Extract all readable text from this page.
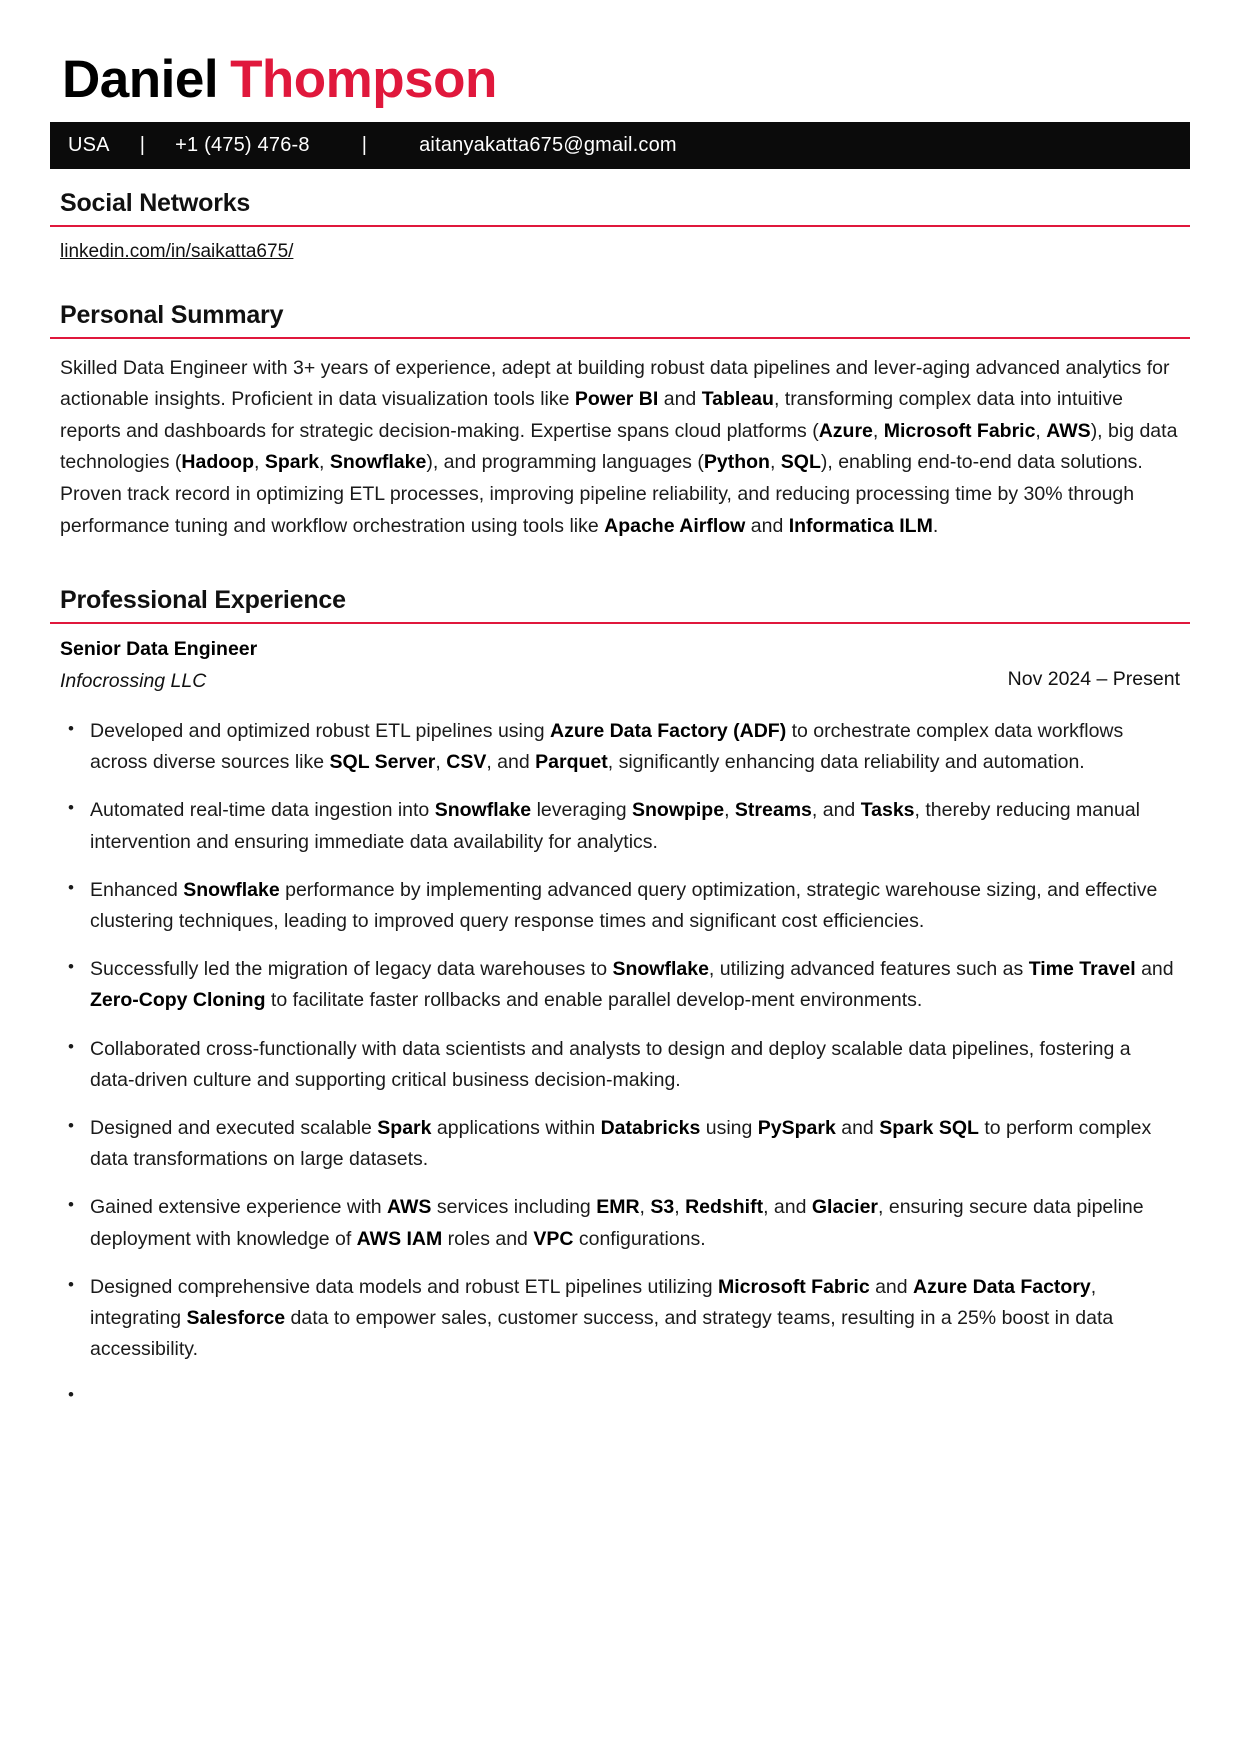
Daniel Thompson
USA | +1 (475) 476-8	|	aitanyakatta675@gmail.com
Social Networks
linkedin.com/in/saikatta675/
Personal Summary

Skilled Data Engineer with 3+ years of experience, adept at building robust data pipelines and lever-aging advanced analytics for actionable insights. Proficient in data visualization tools like Power BI and Tableau, transforming complex data into intuitive reports and dashboards for strategic decision-making. Expertise spans cloud platforms (Azure, Microsoft Fabric, AWS), big data technologies (Hadoop, Spark, Snowflake), and programming languages (Python, SQL), enabling end-to-end data solutions. Proven track record in optimizing ETL processes, improving pipeline reliability, and reducing processing time by 30% through performance tuning and workflow orchestration using tools like Apache Airflow and Informatica ILM.

Professional Experience
Senior Data Engineer
Infocrossing LLC	Nov 2024 – Present
• Developed and optimized robust ETL pipelines using Azure Data Factory (ADF) to orchestrate complex data workflows across diverse sources like SQL Server, CSV, and Parquet, significantly enhancing data reliability and automation.
• Automated real-time data ingestion into Snowflake leveraging Snowpipe, Streams, and Tasks, thereby reducing manual intervention and ensuring immediate data availability for analytics.
• Enhanced Snowflake performance by implementing advanced query optimization, strategic warehouse sizing, and effective clustering techniques, leading to improved query response times and significant cost efficiencies.
• Successfully led the migration of legacy data warehouses to Snowflake, utilizing advanced features such as Time Travel and Zero-Copy Cloning to facilitate faster rollbacks and enable parallel develop-ment environments.
• Collaborated cross-functionally with data scientists and analysts to design and deploy scalable data pipelines, fostering a data-driven culture and supporting critical business decision-making.
• Designed and executed scalable Spark applications within Databricks using PySpark and Spark SQL to perform complex data transformations on large datasets.
• Gained extensive experience with AWS services including EMR, S3, Redshift, and Glacier, ensuring secure data pipeline deployment with knowledge of AWS IAM roles and VPC configurations.
• Designed comprehensive data models and robust ETL pipelines utilizing Microsoft Fabric and Azure Data Factory, integrating Salesforce data to empower sales, customer success, and strategy teams, resulting in a 25% boost in data accessibility.
•
